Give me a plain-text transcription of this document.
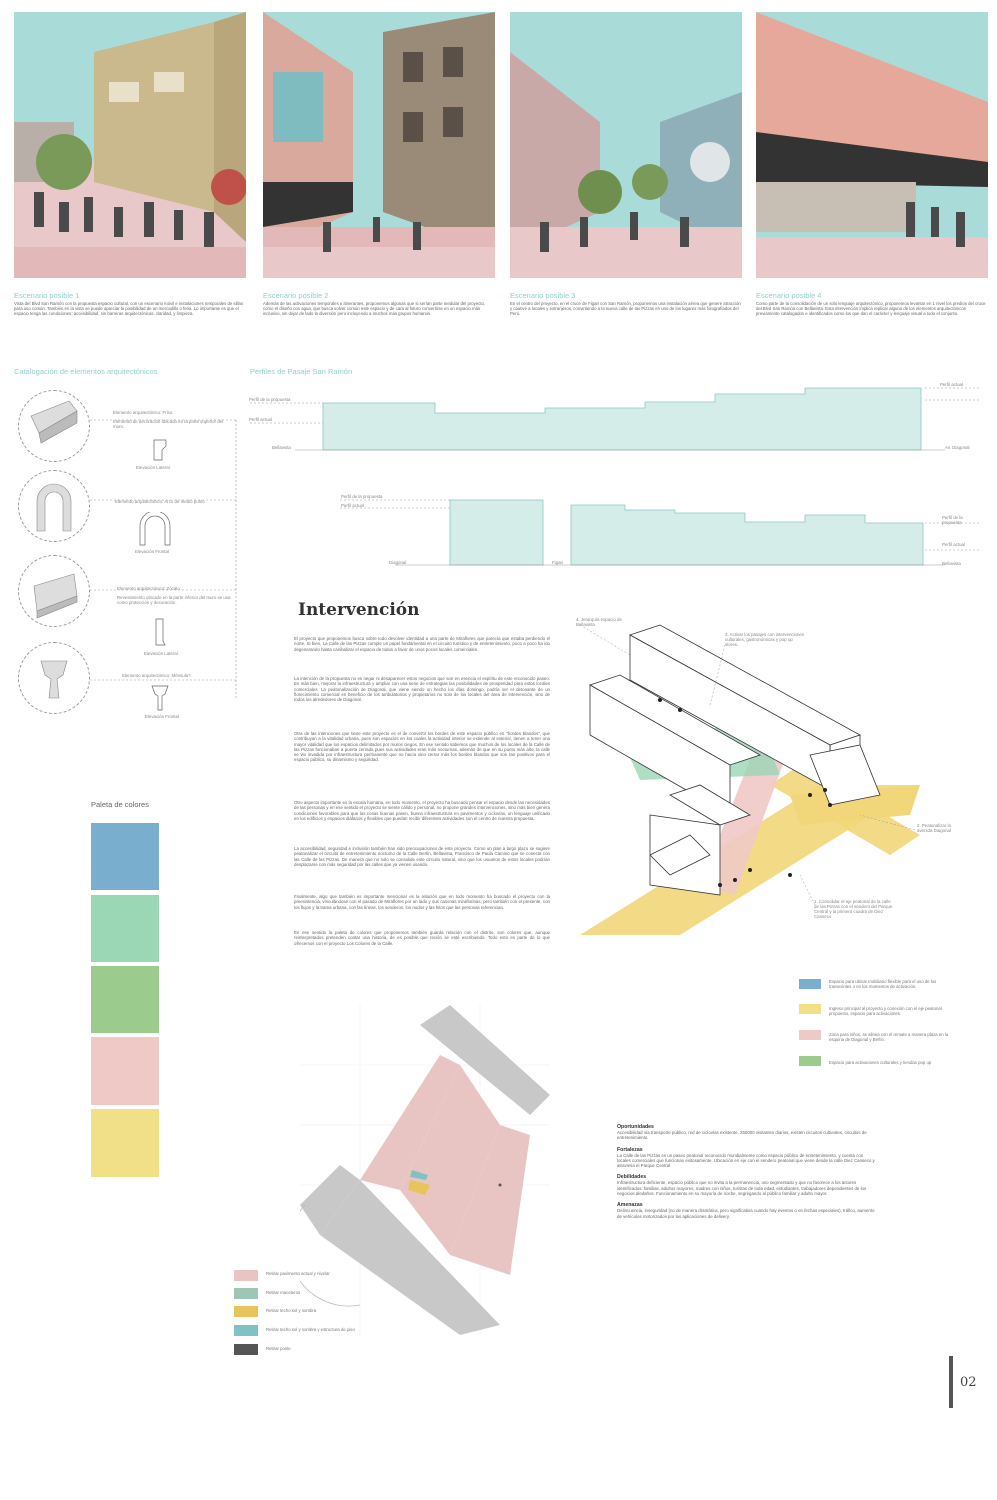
Escenario posible 1
Vista del Blvd San Ramón con la propuesta espacio cultural, con un escenario móvil e instalaciones temporales de sillas para uso común. También en la vista se puede apreciar la posibilidad de un mercadillo o feria. Lo importante es que el espacio tenga las condiciones: accesibilidad, sin barreras arquitectónicas, claridad, y limpieza.
Escenario posible 2
Además de las activaciones temporales e itinerantes, proponemos algunas que si serían parte medular del proyecto, como el diseño con agua, que busca volver común este espacio y de cara al futuro convertirse en un espacio más inclusivo, sin dejar de lado la diversión pero incluyendo a muchos más grupos humanos.
Escenario posible 3
En el centro del proyecto, en el cruce de Figari con San Ramón, proponemos una instalación aérea que genere atracción y cautive a locales y extranjeros, convirtiendo a la nueva calle de las Pizzas en uno de los lugares más fotografiados del Perú.
Escenario posible 4
Como parte de la consolidación de un solo lenguaje arquitectónico, proponemos levantar en 1 nivel los predios del cruce del Blvd San Ramón con Bellavista. Esta intervención implica replicar alguno de los elementos arquitectónicos previamente catalogados e identificados como los que dan el carácter y lenguaje visual a todo el conjunto.
Catalogación de elementos arquitectónicos
Elemento arquitectónico: Friso
Elemento de decoración ubicado en la parte superior del muro.
Elevación Lateral
Elemento arquitectónico: Arco de medio punto
Elevación Frontal
Elemento arquitectónico: Zócalo
Revestimiento ubicado en la parte inferior del muro se usa como protección y decoración.
Elevación Lateral
Elemento arquitectónico: Ménsula?
Elevación Frontal
Perfiles de Pasaje San Ramón
Perfil de la propuesta
Perfil actual
Bellavista
Perfil actual
Av. Diagonal
Perfil de la propuesta
Perfil actual
Diagonal	Figari
Perfil de la propuesta
Perfil actual
Bellavista
Paleta de colores
Intervención
El proyecto que proponemos busca sobre todo devolver identidad a una parte de Miraflores que parecía que estaba perdiendo el norte. Si bien, La Calle de las Pizzas cumple un papel fundamental en el circuito turístico y de entretenimiento, poco a poco ha ido degenerando hasta canibalizar el espacio de todos a favor de unos pocos locales comerciales.
La intención de la propuesta no es negar ni desaparecer estos negocios que son en esencia el espíritu de este reconocido paseo. Es más bien, mejorar la infraestructura y ampliar con una serie de estrategias las posibilidades de prosperidad para estos locales comerciales. La peatonalización de Diagonal, que viene siendo un hecho los días domingo, podría ser el detonante de un florecimiento comercial en beneficio de los ambulatorios y propietarios no solo de los locales del área de intervención, sino de todos los alrededores de Diagonal.
Otra de las intenciones que tiene este proyecto es el de convertir los bordes de este espacio público en "bordes blandos", que contribuyan a la vitalidad urbana, pues son espacios en los cuales la actividad interior se extiende al exterior, tienen a tener una mayor vitalidad que los espacios delimitados por muros ciegos. En ese sentido sabemos que muchos de los locales de la Calle de las Pizzas funcionaban a puerta cerrada pues sus actividades eran más nocturnas, además de que en su punto más alto, la calle se vio invadida por infraestructura permanente que no hacía sino cerrar más los bordes blandos que son tan positivos para el espacio público, su dinamismo y seguridad.
Otro aspecto importante es la escala humana, en todo momento, el proyecto ha buscado pensar el espacio desde las necesidades de las personas y en ese sentido el proyecto se siente cálido y personal, no propone grandes intervenciones, sino más bien genera condiciones favorables para que las cosas buenas pasen, buena infraestructura en pavimentos y ciclovías, un lenguaje unificado en los edificios y espacios diáfanos y flexibles que puedan recibir diferentes actividades son el centro de nuestra propuesta.
La accesibilidad, seguridad e inclusión también han sido preocupaciones de este proyecto. Como un plan a largo plazo se sugiere peatonalizar el circuito de entretenimiento nocturno de la Calle Berlín, Bellavista, Francisco de Paula Camino que se conecta con las Calle de las Pizzas. De manera que no solo se consolide este circuito natural, sino que los usuarios de estos locales podrían desplazarse con más seguridad por las calles que ya vienen usando.
Finalmente, algo que también es importante mencionar es la relación que en todo momento ha buscado el proyecto con la preexistencia, vinculándose con el pasado de Miraflores por un lado y sus casonas miraflorinas, pero también con el presente, con los flujos y la trama urbana, con las líneas, los senderos, los nodos y las hitos que las personas referencian.
En ese sentido la paleta de colores que proponemos también guarda relación con el distrito, son colores que, aunque reinterpretados pretenden contar una historia, de es posible que recién se esté escribiendo. Todo esto es parte de lo que ofrecemos con el proyecto Los Colores de la Calle.
4. Jerarquía espacio de Bellavista
3. Activar los pasajes con intervenciones culturales, gastronómicas y pop up stores.
2. Peatonalizar la avenida Diagonal
1. Consolidar el eje peatonal de la calle de las Pizzas con el sendero del Parque Central y la primera cuadra de Diez Canseco
Espacio para ubicar mobiliario flexible para el uso de los transeúntes o en los momentos de activación.
Ingreso principal al proyecto y conexión con el eje peatonal propuesto, espacio para activaciones.
Zona para niños, se alinea con el remate a manera plaza en la esquina de Diagonal y Berlín.
Espacio para activaciones culturales y tiendas pop up
Retirar pavimento actual y nivelar
Retirar maceteros
Retirar techo sol y sombra
Retirar techo sol y sombra y estructura de piso
Retirar poste
Oportunidades
Accesibilidad vía transporte público, red de ciclovías existente, 250000 visitantes diarios, existen circuitos culturales, circuitos de entretenimiento.
Fortalezas
La Calle de las Pizzas es un paseo peatonal reconocido mundialmente como espacio público de entretenimiento, y cuenta con locales comerciales que funcionan exitosamente. Ubicación en eje con el sendero peatonal que viene desde la calle Diez Canseco y atraviesa el Parque Central
Debilidades
Infraestructura deficiente, espacio público que no invita a la permanencia, uso segmentado y que no favorece a los actores identificados: familias, adultos mayores, madres con niños, turistas de toda edad, estudiantes, trabajadores dependientes de los negocios aledaños. Funcionamiento en su mayoría de noche, segregando al público familiar y adulto mayor.
Amenazas
Delincuencia, inseguridad (no de manera dramática, pero significativa cuando hay eventos o en fechas especiales), tráfico, aumento de vehículos motorizados por las aplicaciones de delivery.
02
